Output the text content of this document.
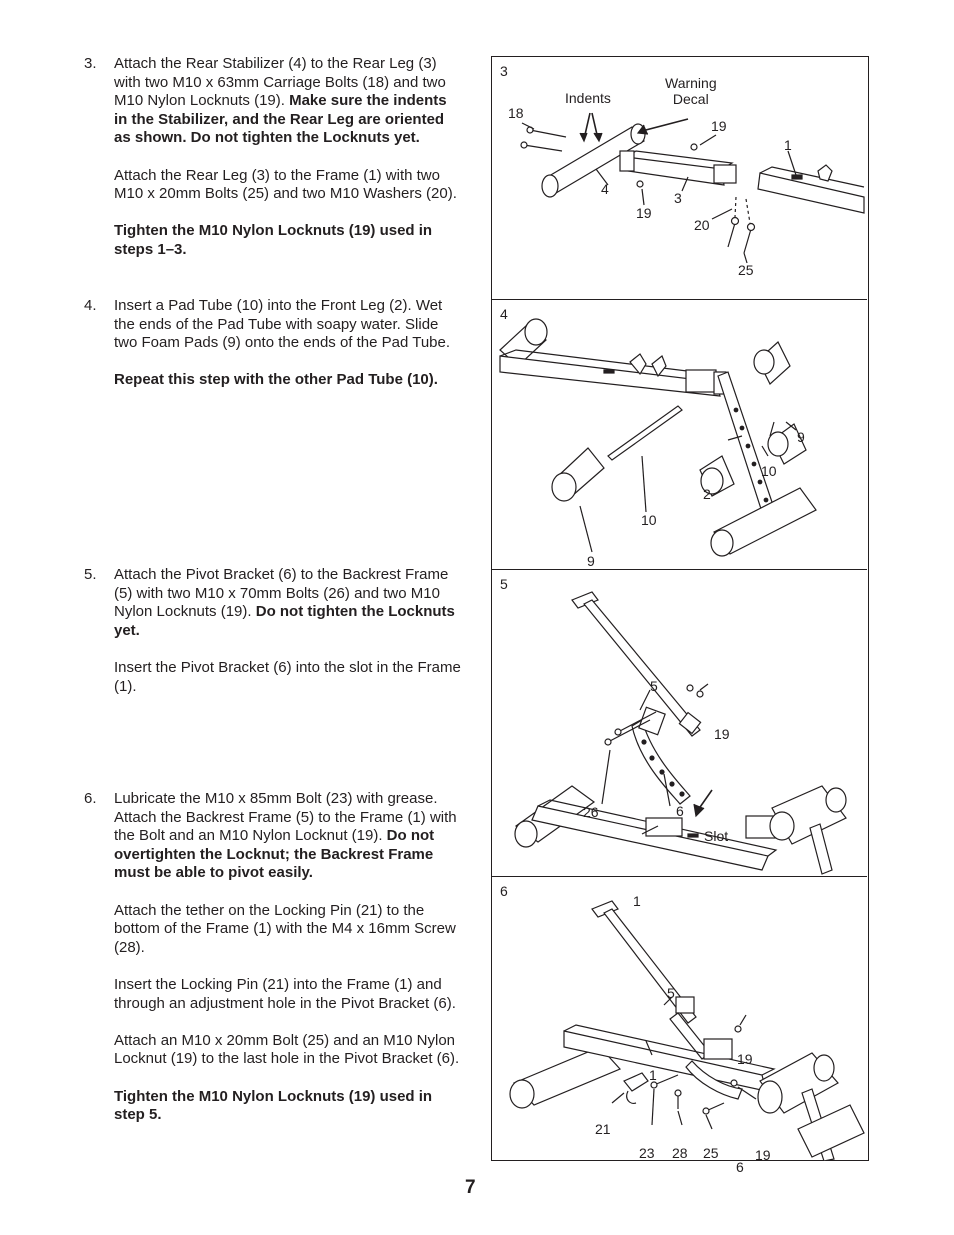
3. Attach the Rear Stabilizer (4) to the Rear Leg (3) with two M10 x 63mm Carriage Bolts (18) and two M10 Nylon Locknuts (19). Make sure the indents in the Stabilizer, and the Rear Leg are oriented as shown. Do not tighten the Locknuts yet.

Attach the Rear Leg (3) to the Frame (1) with two M10 x 20mm Bolts (25) and two M10 Washers (20).

Tighten the M10 Nylon Locknuts (19) used in steps 1–3.

4. Insert a Pad Tube (10) into the Front Leg (2). Wet the ends of the Pad Tube with soapy water. Slide two Foam Pads (9) onto the ends of the Pad Tube.

Repeat this step with the other Pad Tube (10).

5. Attach the Pivot Bracket (6) to the Backrest Frame (5) with two M10 x 70mm Bolts (26) and two M10 Nylon Locknuts (19). Do not tighten the Locknuts yet.

Insert the Pivot Bracket (6) into the slot in the Frame (1).

6. Lubricate the M10 x 85mm Bolt (23) with grease. Attach the Backrest Frame (5) to the Frame (1) with the Bolt and an M10 Nylon Locknut (19). Do not overtighten the Locknut; the Backrest Frame must be able to pivot easily.

Attach the tether on the Locking Pin (21) to the bottom of the Frame (1) with the M4 x 16mm Screw (28).

Insert the Locking Pin (21) into the Frame (1) and through an adjustment hole in the Pivot Bracket (6).

Attach an M10 x 20mm Bolt (25) and an M10 Nylon Locknut (19) to the last hole in the Pivot Bracket (6).

Tighten the M10 Nylon Locknuts (19) used in step 5.

3
18
Indents
Warning
Decal
19
1
4
19
3
20
25
4
9
10
2
10
9
5
5
19
26	6
Slot
1
6
5
19
1
21
19
6
23 28 25
7
